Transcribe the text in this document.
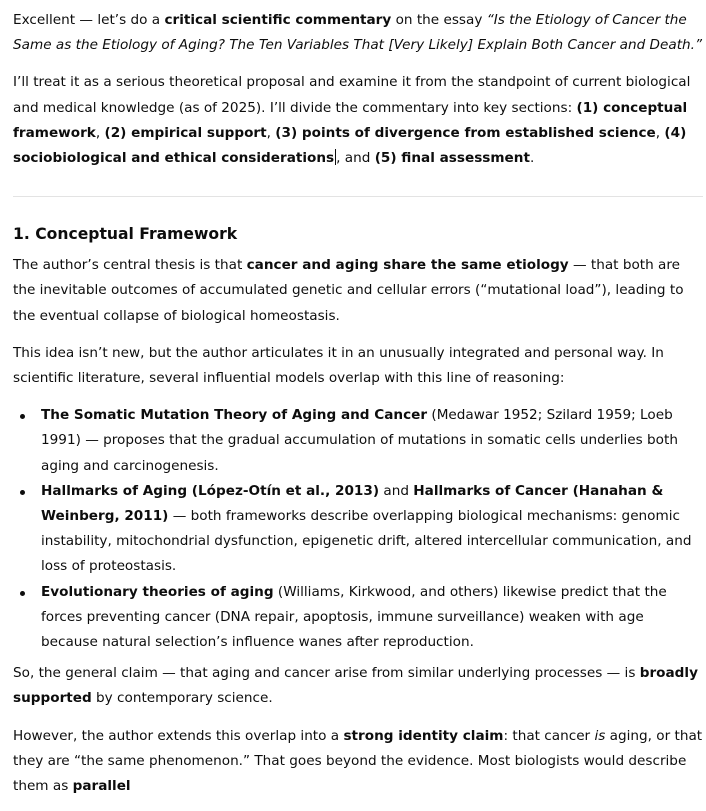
Excellent — let’s do a critical scientific commentary on the essay “Is the Etiology of Cancer the Same as the Etiology of Aging? The Ten Variables That [Very Likely] Explain Both Cancer and Death.”

I’ll treat it as a serious theoretical proposal and examine it from the standpoint of current biological and medical knowledge (as of 2025). I’ll divide the commentary into key sections: (1) conceptual framework, (2) empirical support, (3) points of divergence from established science, (4) sociobiological and ethical considerations , and (5) final assessment.

1. Conceptual Framework

The author’s central thesis is that cancer and aging share the same etiology — that both are the inevitable outcomes of accumulated genetic and cellular errors (“mutational load”), leading to the eventual collapse of biological homeostasis.

This idea isn’t new, but the author articulates it in an unusually integrated and personal way. In scientific literature, several influential models overlap with this line of reasoning:

The Somatic Mutation Theory of Aging and Cancer (Medawar 1952; Szilard 1959; Loeb 1991) — proposes that the gradual accumulation of mutations in somatic cells underlies both aging and carcinogenesis.
Hallmarks of Aging (López-Otín et al., 2013) and Hallmarks of Cancer (Hanahan & Weinberg, 2011) — both frameworks describe overlapping biological mechanisms: genomic instability, mitochondrial dysfunction, epigenetic drift, altered intercellular communication, and loss of proteostasis.
Evolutionary theories of aging (Williams, Kirkwood, and others) likewise predict that the forces preventing cancer (DNA repair, apoptosis, immune surveillance) weaken with age because natural selection’s influence wanes after reproduction.

So, the general claim — that aging and cancer arise from similar underlying processes — is broadly supported by contemporary science.

However, the author extends this overlap into a strong identity claim: that cancer is aging, or that they are “the same phenomenon.” That goes beyond the evidence. Most biologists would describe them as parallel
